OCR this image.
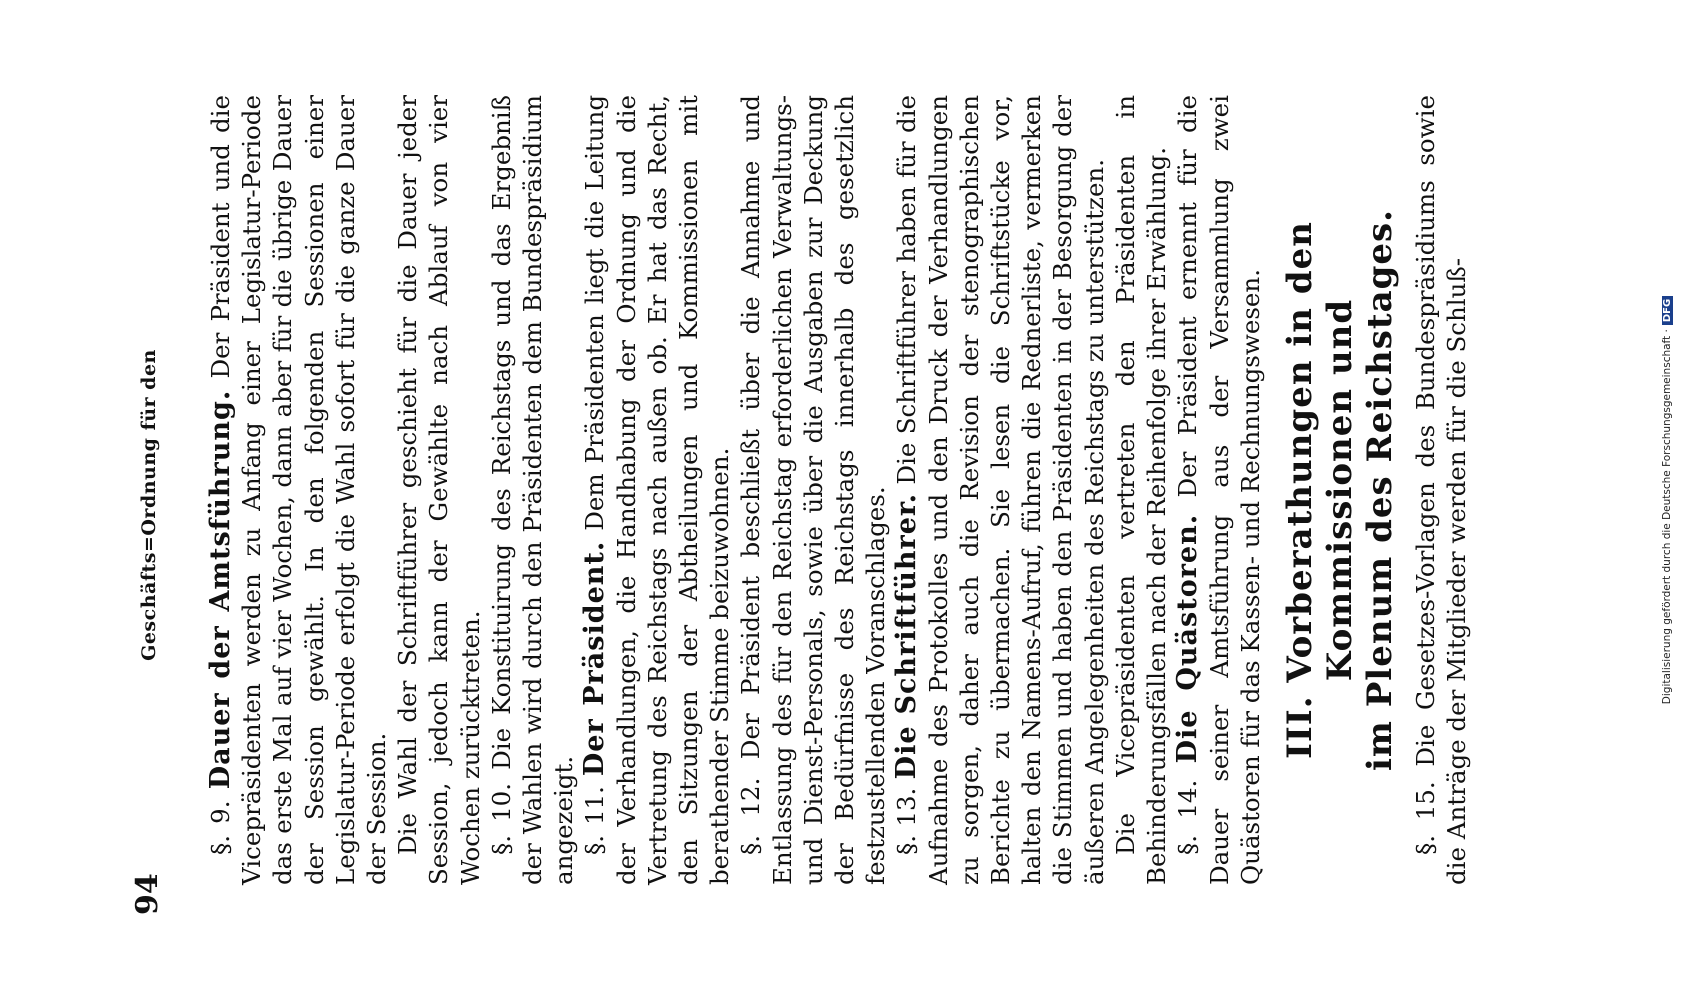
94
Geschäfts=Ordnung für den

§. 9. Dauer der Amtsführung. Der Präsident und die Vicepräsidenten werden zu Anfang einer Legislatur-Periode das erste Mal auf vier Wochen, dann aber für die übrige Dauer der Session gewählt. In den folgenden Sessionen einer Legislatur-Periode erfolgt die Wahl sofort für die ganze Dauer der Session. Die Wahl der Schriftführer geschieht für die Dauer jeder Session, jedoch kann der Gewählte nach Ablauf von vier Wochen zurücktreten. §. 10. Die Konstituirung des Reichstags und das Ergebniß der Wahlen wird durch den Präsidenten dem Bundespräsidium angezeigt. §. 11. Der Präsident. Dem Präsidenten liegt die Leitung der Verhandlungen, die Handhabung der Ordnung und die Vertretung des Reichstags nach außen ob. Er hat das Recht, den Sitzungen der Abtheilungen und Kommissionen mit berathender Stimme beizuwohnen. §. 12. Der Präsident beschließt über die Annahme und Entlassung des für den Reichstag erforderlichen Verwaltungs- und Dienst-Personals, sowie über die Ausgaben zur Deckung der Bedürfnisse des Reichstags innerhalb des gesetzlich festzustellenden Voranschlages. §. 13. Die Schriftführer. Die Schriftführer haben für die Aufnahme des Protokolles und den Druck der Verhandlungen zu sorgen, daher auch die Revision der stenographischen Berichte zu übermachen. Sie lesen die Schriftstücke vor, halten den Namens-Aufruf, führen die Rednerliste, vermerken die Stimmen und haben den Präsidenten in der Besorgung der äußeren Angelegenheiten des Reichstags zu unterstützen. Die Vicepräsidenten vertreten den Präsidenten in Behinderungsfällen nach der Reihenfolge ihrer Erwählung. §. 14. Die Quästoren. Der Präsident ernennt für die Dauer seiner Amtsführung aus der Versammlung zwei Quästoren für das Kassen- und Rechnungswesen. III. Vorberathungen in den Kommissionen und im Plenum des Reichstages.

§. 15. Die Gesetzes-Vorlagen des Bundespräsidiums sowie die Anträge der Mitglieder werden für die Schluß-	Digitalisierung gefördert durch die Deutsche Forschungsgemeinschaft ·DFG
